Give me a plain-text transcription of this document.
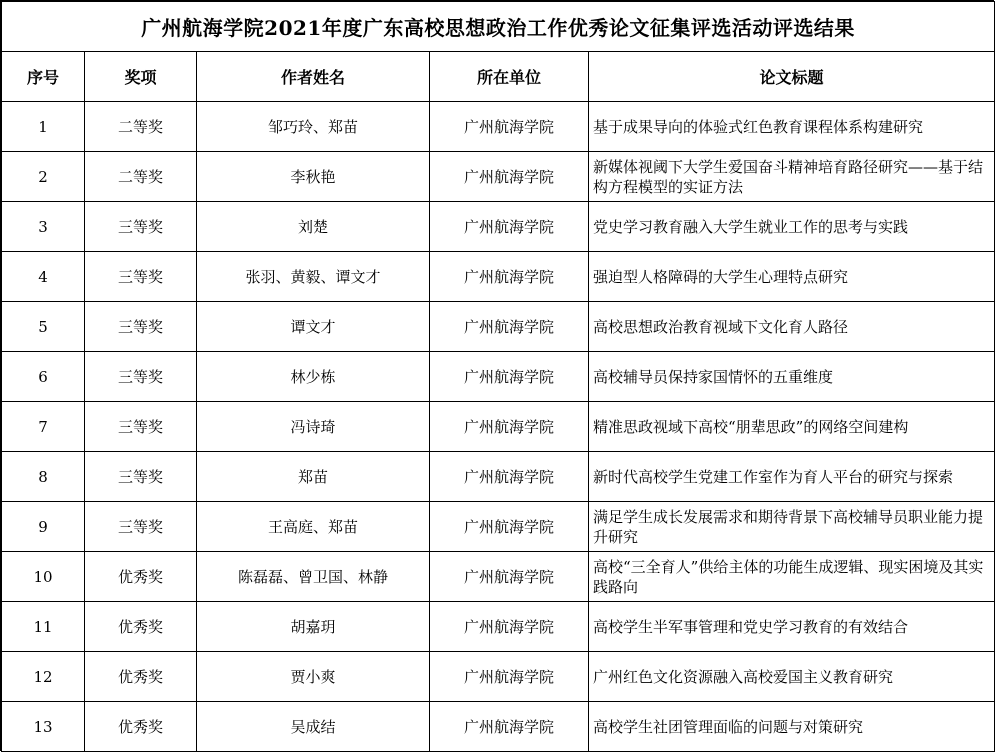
广州航海学院2021年度广东高校思想政治工作优秀论文征集评选活动评选结果				
序号	奖项	作者姓名	所在单位	论文标题
1	二等奖	邹巧玲、郑苗	广州航海学院	基于成果导向的体验式红色教育课程体系构建研究
2	二等奖	李秋艳	广州航海学院	新媒体视阈下大学生爱国奋斗精神培育路径研究——基于结构方程模型的实证方法
3	三等奖	刘楚	广州航海学院	党史学习教育融入大学生就业工作的思考与实践
4	三等奖	张羽、黄毅、谭文才	广州航海学院	强迫型人格障碍的大学生心理特点研究
5	三等奖	谭文才	广州航海学院	高校思想政治教育视域下文化育人路径
6	三等奖	林少栋	广州航海学院	高校辅导员保持家国情怀的五重维度
7	三等奖	冯诗琦	广州航海学院	精准思政视域下高校“朋辈思政”的网络空间建构
8	三等奖	郑苗	广州航海学院	新时代高校学生党建工作室作为育人平台的研究与探索
9	三等奖	王高庭、郑苗	广州航海学院	满足学生成长发展需求和期待背景下高校辅导员职业能力提升研究
10	优秀奖	陈磊磊、曾卫国、林静	广州航海学院	高校“三全育人”供给主体的功能生成逻辑、现实困境及其实践路向
11	优秀奖	胡嘉玥	广州航海学院	高校学生半军事管理和党史学习教育的有效结合
12	优秀奖	贾小爽	广州航海学院	广州红色文化资源融入高校爱国主义教育研究
13	优秀奖	吴成结	广州航海学院	高校学生社团管理面临的问题与对策研究
